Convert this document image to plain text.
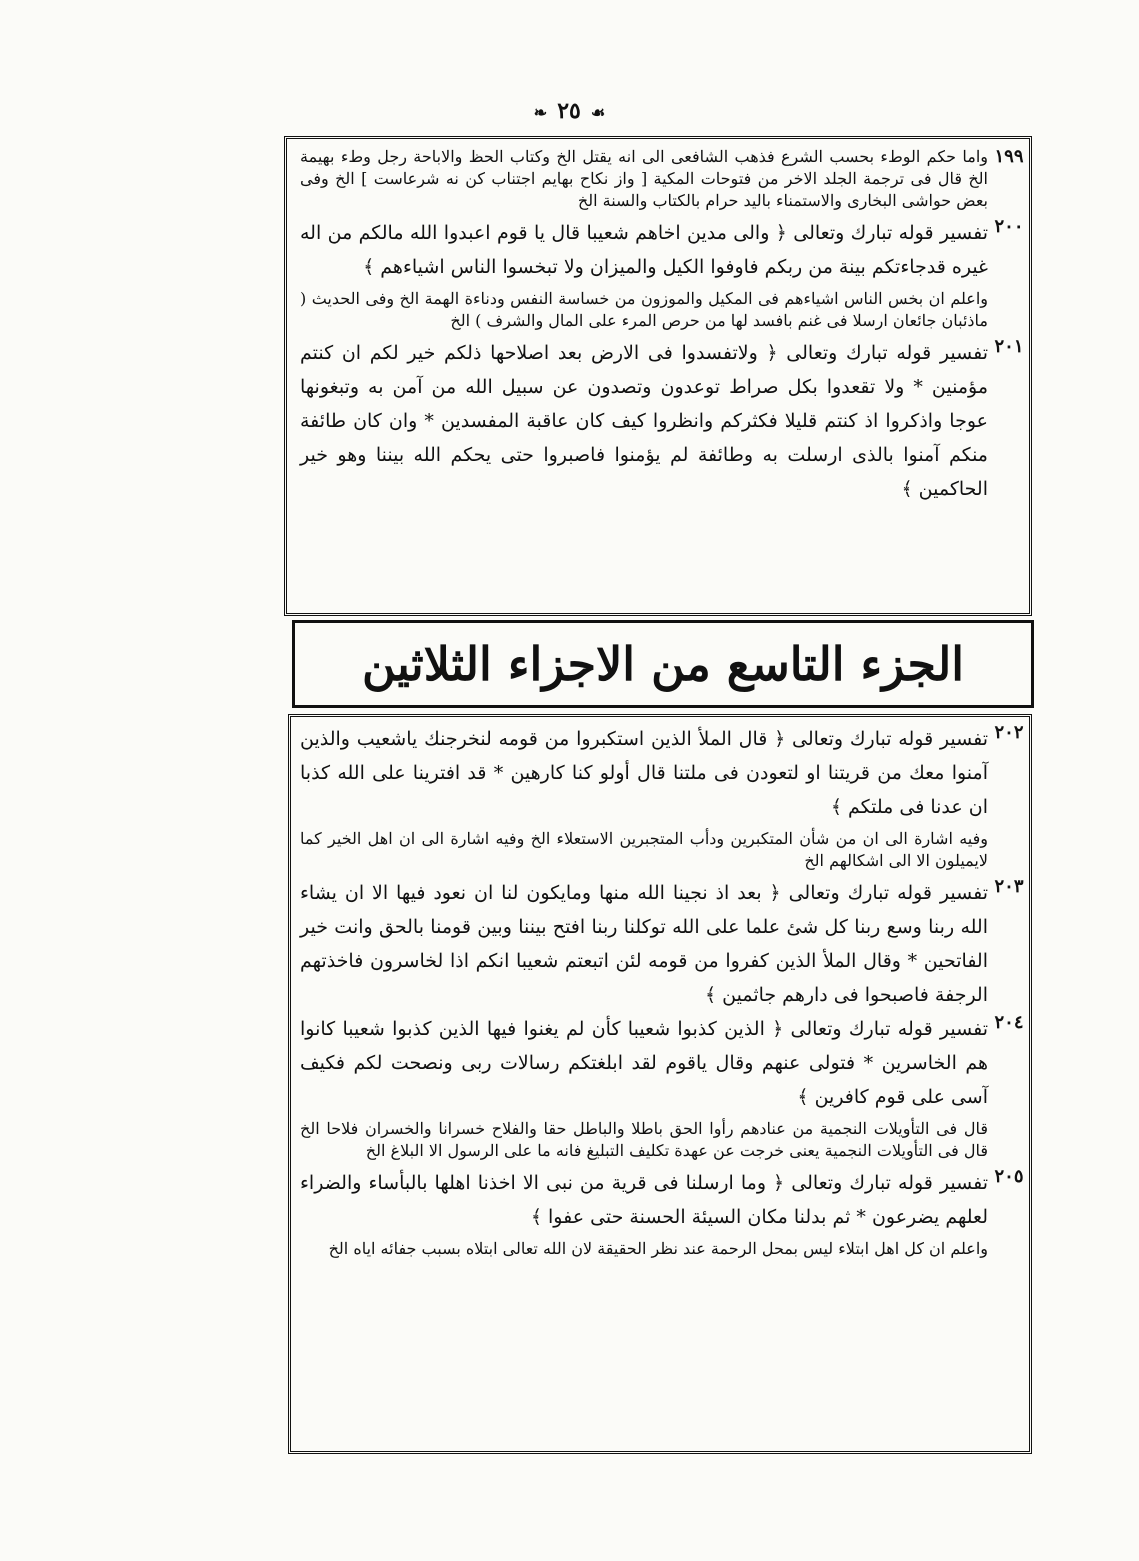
❧ ٢٥ ☙
١٩٩

واما حكم الوطء بحسب الشرع فذهب الشافعى الى انه يقتل الخ وكتاب الحظ والاباحة رجل وطء بهيمة الخ قال فى ترجمة الجلد الاخر من فتوحات المكية [ واز نكاح بهايم اجتناب كن نه شرعاست ] الخ وفى بعض حواشى البخارى والاستمناء باليد حرام بالكتاب والسنة الخ

٢٠٠

تفسير قوله تبارك وتعالى ﴿ والى مدين اخاهم شعيبا قال يا قوم اعبدوا الله مالكم من اله غيره قدجاءتكم بينة من ربكم فاوفوا الكيل والميزان ولا تبخسوا الناس اشياءهم ﴾

واعلم ان بخس الناس اشياءهم فى المكيل والموزون من خساسة النفس ودناءة الهمة الخ وفى الحديث ( ماذئبان جائعان ارسلا فى غنم بافسد لها من حرص المرء على المال والشرف ) الخ

٢٠١

تفسير قوله تبارك وتعالى ﴿ ولاتفسدوا فى الارض بعد اصلاحها ذلكم خير لكم ان كنتم مؤمنين * ولا تقعدوا بكل صراط توعدون وتصدون عن سبيل الله من آمن به وتبغونها عوجا واذكروا اذ كنتم قليلا فكثركم وانظروا كيف كان عاقبة المفسدين * وان كان طائفة منكم آمنوا بالذى ارسلت به وطائفة لم يؤمنوا فاصبروا حتى يحكم الله بيننا وهو خير الحاكمين ﴾

الجزء التاسع من الاجزاء الثلاثين
٢٠٢

تفسير قوله تبارك وتعالى ﴿ قال الملأ الذين استكبروا من قومه لنخرجنك ياشعيب والذين آمنوا معك من قريتنا او لتعودن فى ملتنا قال أولو كنا كارهين * قد افترينا على الله كذبا ان عدنا فى ملتكم ﴾

وفيه اشارة الى ان من شأن المتكبرين ودأب المتجبرين الاستعلاء الخ وفيه اشارة الى ان اهل الخير كما لايميلون الا الى اشكالهم الخ

٢٠٣

تفسير قوله تبارك وتعالى ﴿ بعد اذ نجينا الله منها ومايكون لنا ان نعود فيها الا ان يشاء الله ربنا وسع ربنا كل شئ علما على الله توكلنا ربنا افتح بيننا وبين قومنا بالحق وانت خير الفاتحين * وقال الملأ الذين كفروا من قومه لئن اتبعتم شعيبا انكم اذا لخاسرون فاخذتهم الرجفة فاصبحوا فى دارهم جاثمين ﴾

٢٠٤

تفسير قوله تبارك وتعالى ﴿ الذين كذبوا شعيبا كأن لم يغنوا فيها الذين كذبوا شعيبا كانوا هم الخاسرين * فتولى عنهم وقال ياقوم لقد ابلغتكم رسالات ربى ونصحت لكم فكيف آسى على قوم كافرين ﴾

قال فى التأويلات النجمية من عنادهم رأوا الحق باطلا والباطل حقا والفلاح خسرانا والخسران فلاحا الخ قال فى التأويلات النجمية يعنى خرجت عن عهدة تكليف التبليغ فانه ما على الرسول الا البلاغ الخ

٢٠٥

تفسير قوله تبارك وتعالى ﴿ وما ارسلنا فى قرية من نبى الا اخذنا اهلها بالبأساء والضراء لعلهم يضرعون * ثم بدلنا مكان السيئة الحسنة حتى عفوا ﴾

واعلم ان كل اهل ابتلاء ليس بمحل الرحمة عند نظر الحقيقة لان الله تعالى ابتلاه بسبب جفائه اياه الخ
